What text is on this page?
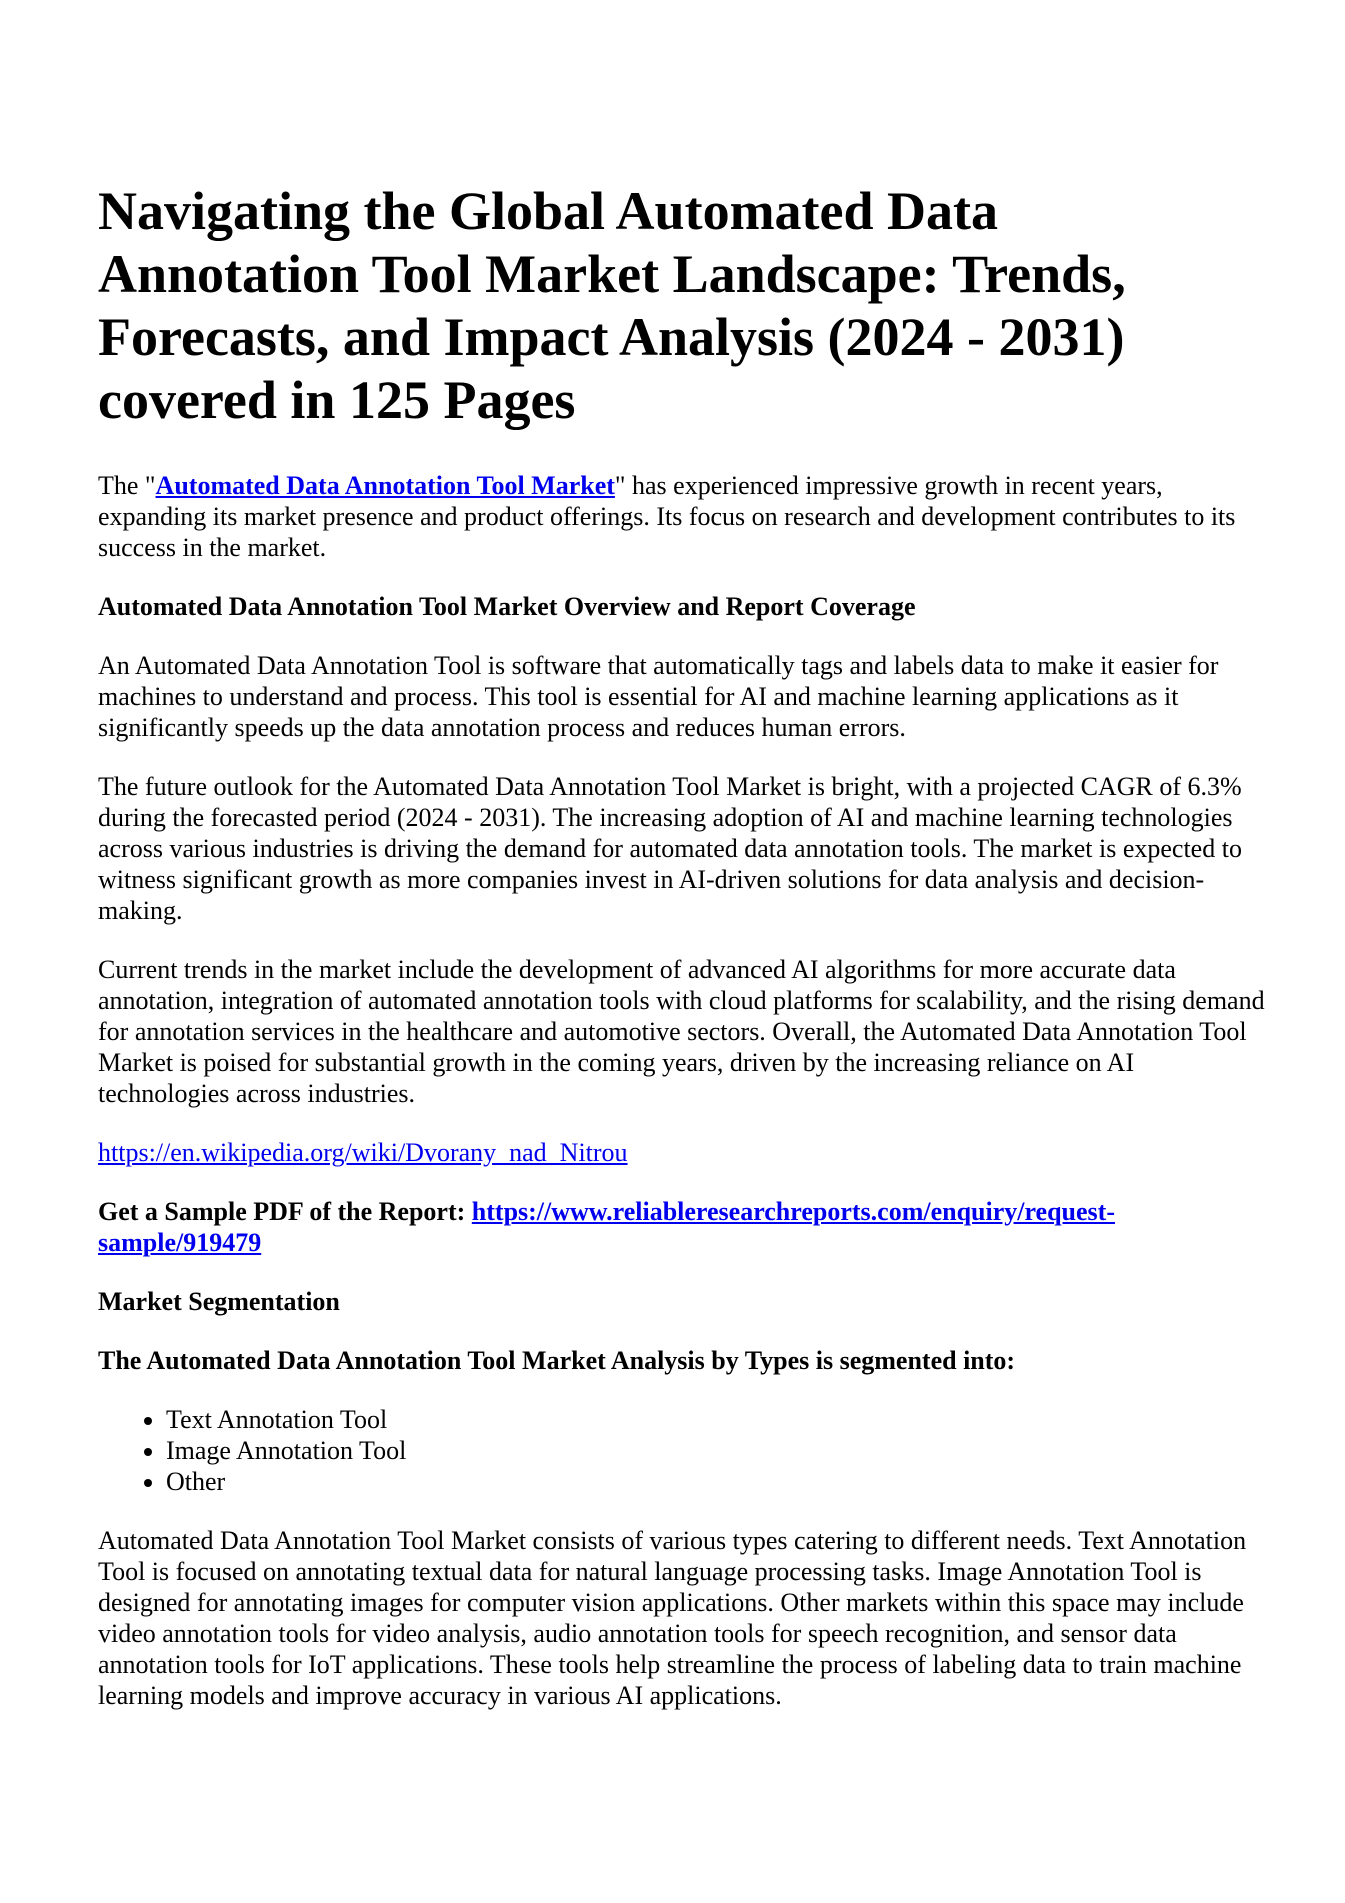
Navigating the Global Automated Data Annotation Tool Market Landscape: Trends, Forecasts, and Impact Analysis (2024 - 2031) covered in 125 Pages

The "Automated Data Annotation Tool Market" has experienced impressive growth in recent years, expanding its market presence and product offerings. Its focus on research and development contributes to its success in the market.

Automated Data Annotation Tool Market Overview and Report Coverage

An Automated Data Annotation Tool is software that automatically tags and labels data to make it easier for machines to understand and process. This tool is essential for AI and machine learning applications as it significantly speeds up the data annotation process and reduces human errors.

The future outlook for the Automated Data Annotation Tool Market is bright, with a projected CAGR of 6.3% during the forecasted period (2024 - 2031). The increasing adoption of AI and machine learning technologies across various industries is driving the demand for automated data annotation tools. The market is expected to witness significant growth as more companies invest in AI-driven solutions for data analysis and decision-making.

Current trends in the market include the development of advanced AI algorithms for more accurate data annotation, integration of automated annotation tools with cloud platforms for scalability, and the rising demand for annotation services in the healthcare and automotive sectors. Overall, the Automated Data Annotation Tool Market is poised for substantial growth in the coming years, driven by the increasing reliance on AI technologies across industries.

https://en.wikipedia.org/wiki/Dvorany_nad_Nitrou

Get a Sample PDF of the Report: https://www.reliableresearchreports.com/enquiry/request-sample/919479

Market Segmentation

The Automated Data Annotation Tool Market Analysis by Types is segmented into:

• Text Annotation Tool
• Image Annotation Tool
• Other

Automated Data Annotation Tool Market consists of various types catering to different needs. Text Annotation Tool is focused on annotating textual data for natural language processing tasks. Image Annotation Tool is designed for annotating images for computer vision applications. Other markets within this space may include video annotation tools for video analysis, audio annotation tools for speech recognition, and sensor data annotation tools for IoT applications. These tools help streamline the process of labeling data to train machine learning models and improve accuracy in various AI applications.
